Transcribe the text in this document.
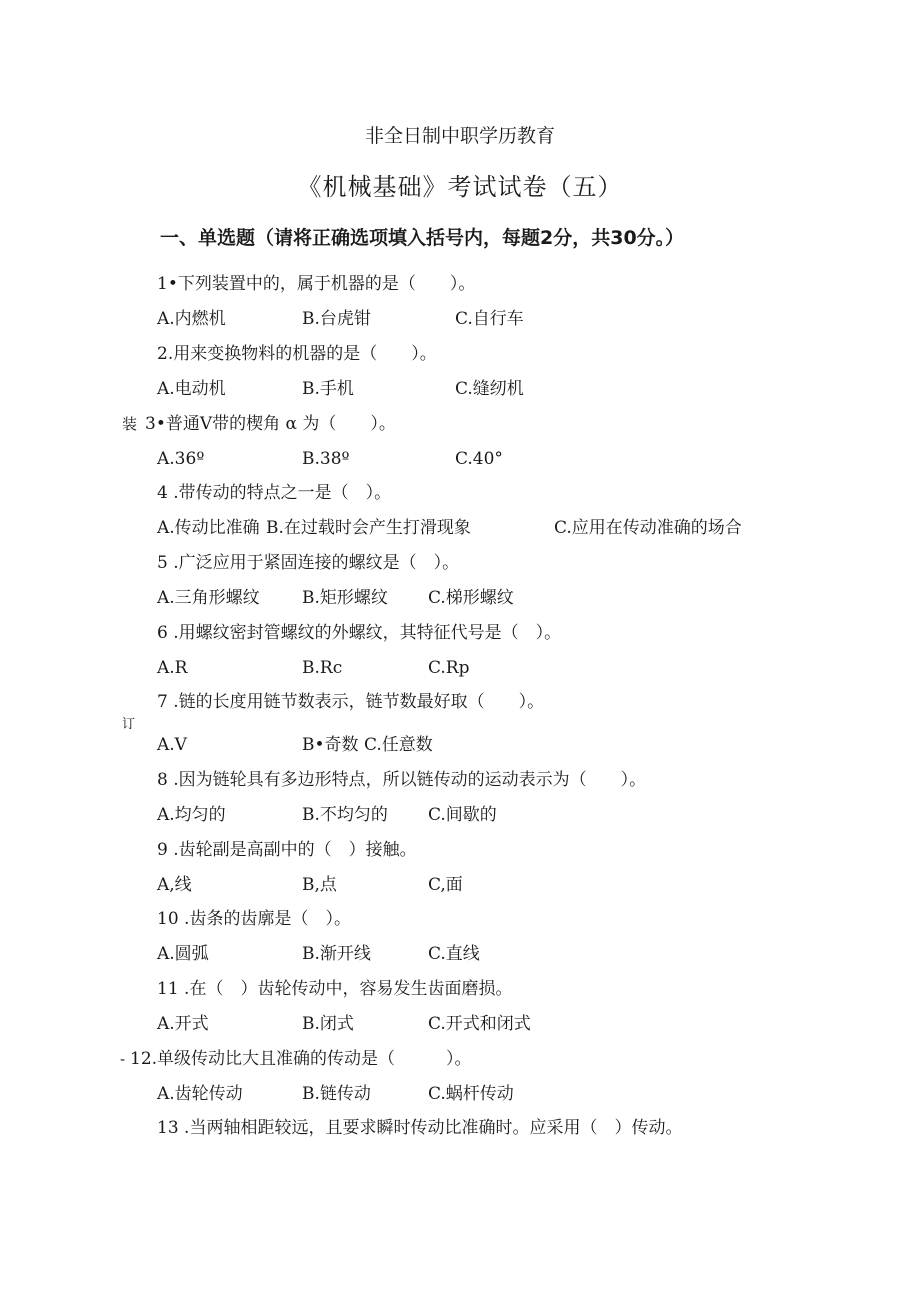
非全日制中职学历教育
《机械基础》考试试卷（五）
一、单选题（请将正确选项填入括号内，每题2分，共30分。）
装
订
-
1•下列装置中的，属于机器的是（　　）。
A.内燃机	B.台虎钳	C.自行车
2.用来变换物料的机器的是（　　）。
A.电动机	B.手机	C.缝纫机
3•普通V带的楔角 α 为（　　）。
A.36º	B.38º	C.40°
4 .带传动的特点之一是（　）。
A.传动比准确 B.在过载时会产生打滑现象	C.应用在传动准确的场合
5 .广泛应用于紧固连接的螺纹是（　）。
A.三角形螺纹 B.矩形螺纹 C.梯形螺纹
6 .用螺纹密封管螺纹的外螺纹，其特征代号是（　）。
A.R	B.Rc	C.Rp
7 .链的长度用链节数表示，链节数最好取（　　）。
A.V	B•奇数 C.任意数
8 .因为链轮具有多边形特点，所以链传动的运动表示为（　　）。
A.均匀的	B.不均匀的 C.间歇的
9 .齿轮副是高副中的（　）接触。
A,线	B,点	C,面
10 .齿条的齿廓是（　）。
A.圆弧	B.渐开线	C.直线
11 .在（　）齿轮传动中，容易发生齿面磨损。
A.开式	B.闭式	C.开式和闭式
12.单级传动比大且准确的传动是（　　　）。
A.齿轮传动	B.链传动	C.蜗杆传动
13 .当两轴相距较远，且要求瞬时传动比准确时。应采用（　）传动。
